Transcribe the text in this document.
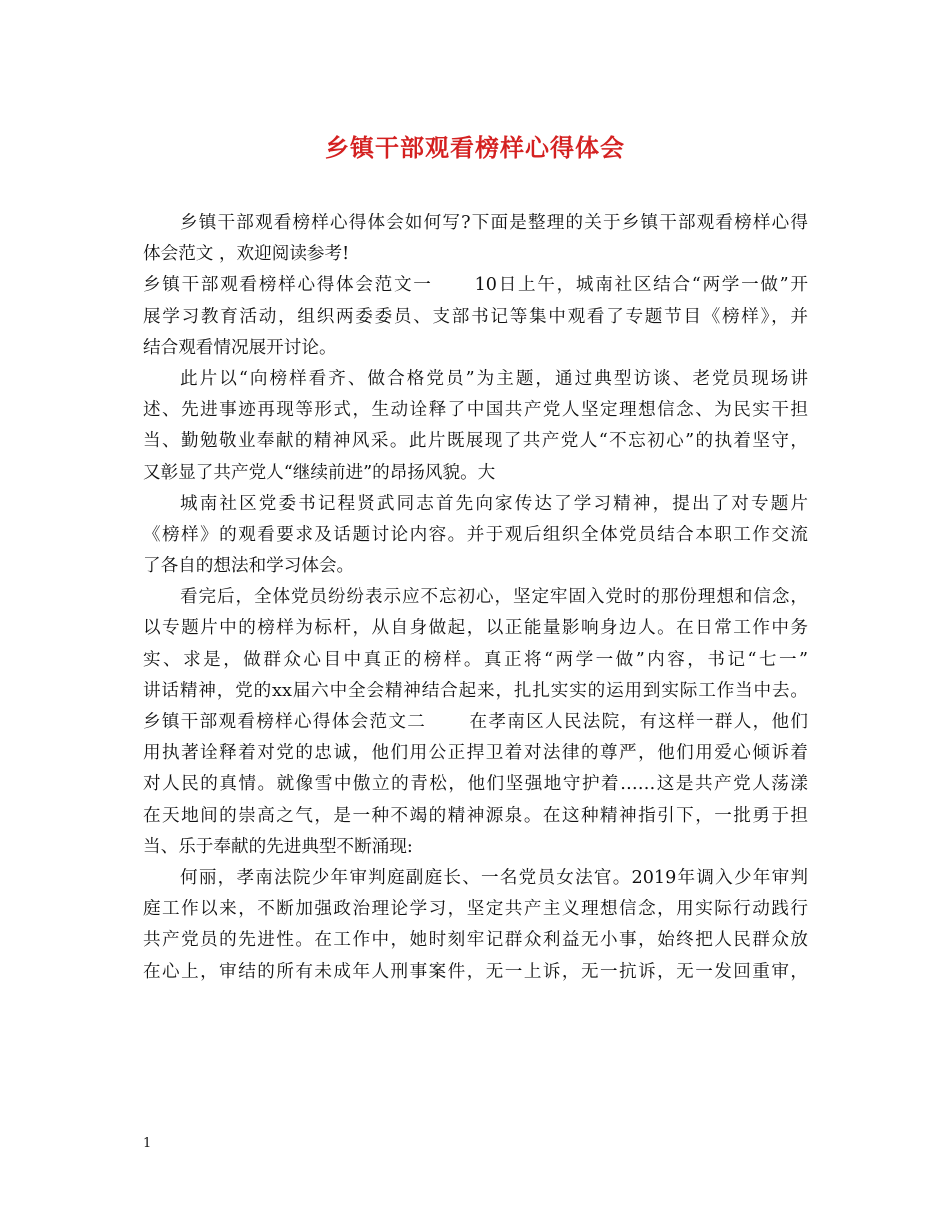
乡镇干部观看榜样心得体会
乡镇干部观看榜样心得体会如何写?下面是整理的关于乡镇干部观看榜样心得
体会范文 ，欢迎阅读参考!
乡镇干部观看榜样心得体会范文一 10日上午，城南社区结合“两学一做”开
展学习教育活动，组织两委委员、支部书记等集中观看了专题节目《榜样》，并
结合观看情况展开讨论。
此片以“向榜样看齐、做合格党员”为主题，通过典型访谈、老党员现场讲
述、先进事迹再现等形式，生动诠释了中国共产党人坚定理想信念、为民实干担
当、勤勉敬业奉献的精神风采。此片既展现了共产党人“不忘初心”的执着坚守，
又彰显了共产党人“继续前进”的昂扬风貌。大
城南社区党委书记程贤武同志首先向家传达了学习精神，提出了对专题片
《榜样》的观看要求及话题讨论内容。并于观后组织全体党员结合本职工作交流
了各自的想法和学习体会。
看完后，全体党员纷纷表示应不忘初心，坚定牢固入党时的那份理想和信念，
以专题片中的榜样为标杆，从自身做起，以正能量影响身边人。在日常工作中务
实、求是，做群众心目中真正的榜样。真正将“两学一做”内容，书记“七一”
讲话精神，党的xx届六中全会精神结合起来，扎扎实实的运用到实际工作当中去。
乡镇干部观看榜样心得体会范文二 在孝南区人民法院，有这样一群人，他们
用执著诠释着对党的忠诚，他们用公正捍卫着对法律的尊严，他们用爱心倾诉着
对人民的真情。就像雪中傲立的青松，他们坚强地守护着……这是共产党人荡漾
在天地间的崇高之气，是一种不竭的精神源泉。在这种精神指引下，一批勇于担
当、乐于奉献的先进典型不断涌现:
何丽，孝南法院少年审判庭副庭长、一名党员女法官。2019年调入少年审判
庭工作以来，不断加强政治理论学习，坚定共产主义理想信念，用实际行动践行
共产党员的先进性。在工作中，她时刻牢记群众利益无小事，始终把人民群众放
在心上，审结的所有未成年人刑事案件，无一上诉，无一抗诉，无一发回重审，
1
